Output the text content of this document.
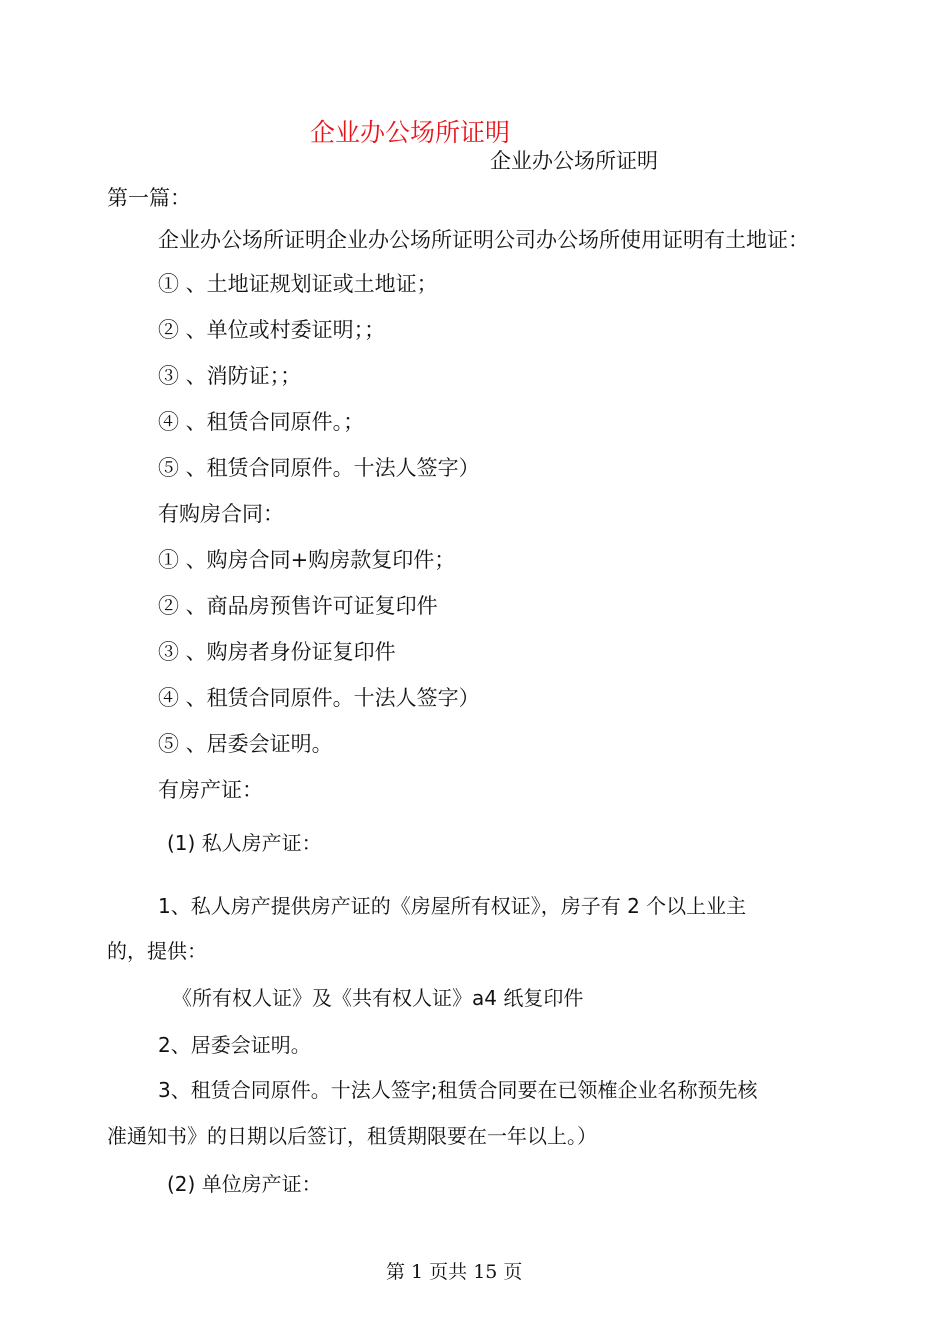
企业办公场所证明
企业办公场所证明
第一篇：
企业办公场所证明企业办公场所证明公司办公场所使用证明有土地证：
① 、土地证规划证或土地证；
② 、单位或村委证明；；
③ 、消防证；；
④ 、租赁合同原件。；
⑤ 、租赁合同原件。十法人签字）
有购房合同：
① 、购房合同+购房款复印件；
② 、商品房预售许可证复印件
③ 、购房者身份证复印件
④ 、租赁合同原件。十法人签字）
⑤ 、居委会证明。
有房产证：
(1) 私人房产证：
1、私人房产提供房产证的《房屋所有权证》，房子有 2 个以上业主
的，提供：
《所有权人证》及《共有权人证》a4 纸复印件
2、居委会证明。
3、租赁合同原件。十法人签字;租赁合同要在已领榷企业名称预先核
准通知书》的日期以后签订，租赁期限要在一年以上。）
(2) 单位房产证：
第 1 页共 15 页
